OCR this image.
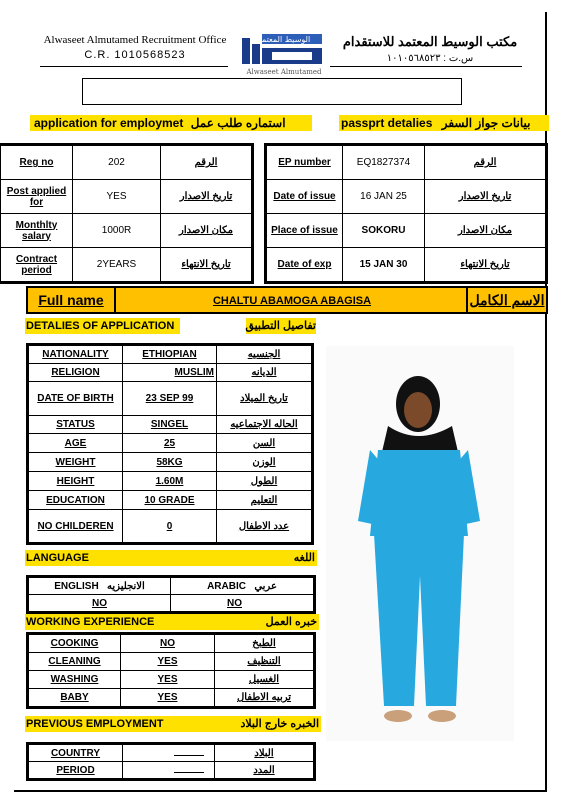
Alwaseet Almutamed Recruitment Office
C.R. 1010568523
الوسيط المعتمد
Alwaseet Almutamed
مكتب الوسيط المعتمد للاستقدام
س.ت : ١٠١٠٥٦٨٥٢٣
application for employmet استماره طلب عمل	passprt detalies بيانات جواز السفر
Reg no	202	الرقم
Post applied for	YES	تاريخ الاصدار
Monthlty salary	1000R	مكان الاصدار
Contract period	2YEARS	تاريخ الانتهاء
EP number	EQ1827374	الرقم
Date of issue	16 JAN 25	تاريخ الاصدار
Place of issue	SOKORU	مكان الاصدار
Date of exp	15 JAN 30	تاريخ الانتهاء
Full name	CHALTU ABAMOGA ABAGISA	الاسم الكامل
DETALIES OF APPLICATION	تفاصيل التطبيق
NATIONALITY	ETHIOPIAN	الجنسيه
RELIGION	MUSLIM	الديانه
DATE OF BIRTH	23 SEP 99	تاريخ الميلاد
STATUS	SINGEL	الحاله الاجتماعيه
AGE	25	السن
WEIGHT	58KG	الوزن
HEIGHT	1.60M	الطول
EDUCATION	10 GRADE	التعليم
NO CHILDEREN	0	عدد الاطفال
LANGUAGE	اللغه
ENGLISH الانجليزيه	ARABIC عربي
NO	NO
WORKING EXPERIENCE	خبره العمل
COOKING	NO	الطبخ
CLEANING	YES	التنظيف
WASHING	YES	الغسيل
BABY	YES	تربيه الاطفال
PREVIOUS EMPLOYMENT	الخبره خارج البلاد
COUNTRY		البلاد
PERIOD		المدد
